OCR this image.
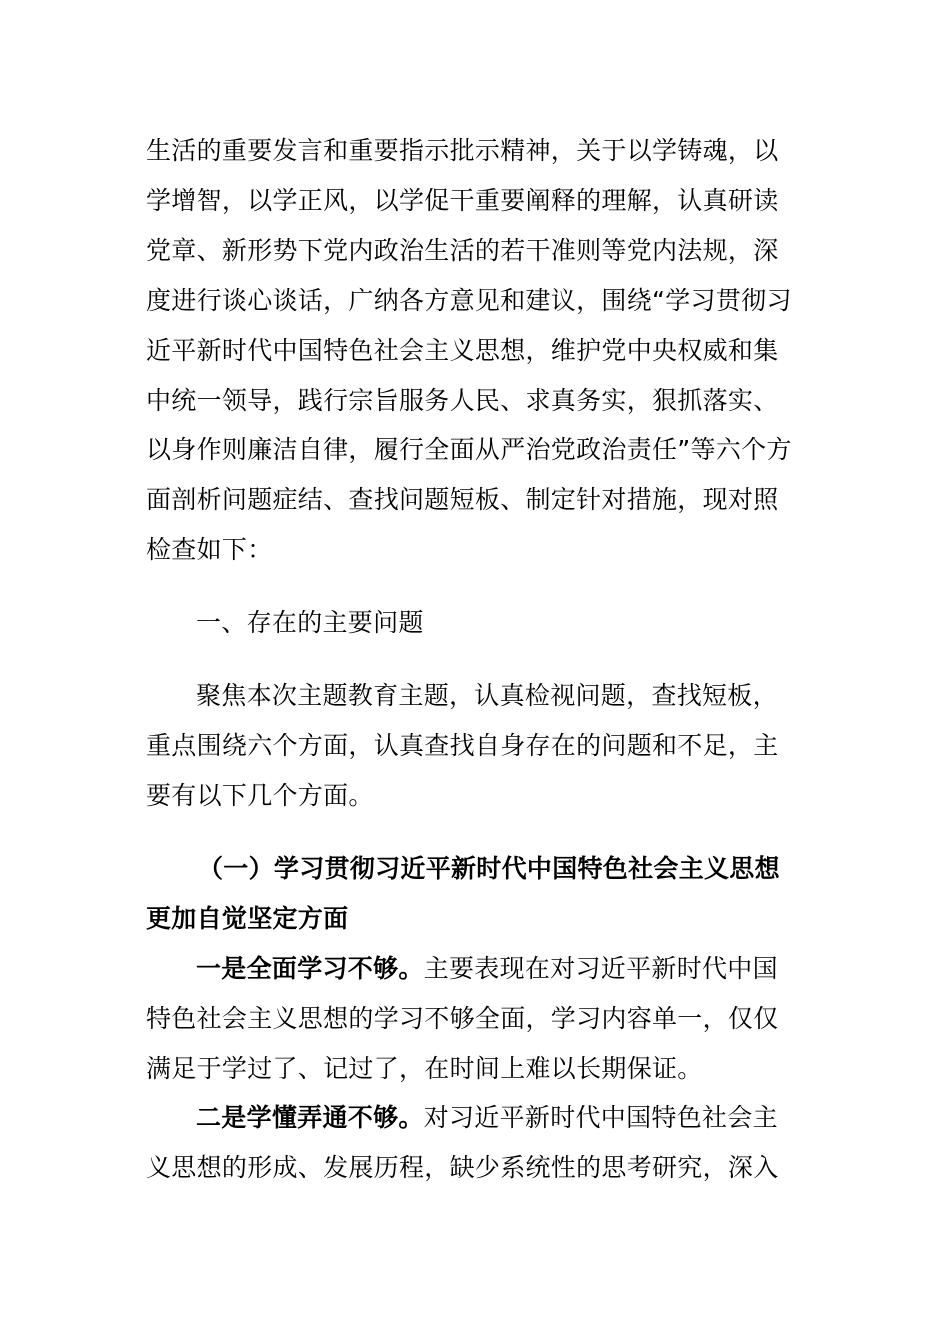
生活的重要发言和重要指示批示精神，关于以学铸魂，以
学增智，以学正风，以学促干重要阐释的理解，认真研读
党章、新形势下党内政治生活的若干准则等党内法规，深
度进行谈心谈话，广纳各方意见和建议，围绕“学习贯彻习
近平新时代中国特色社会主义思想，维护党中央权威和集
中统一领导，践行宗旨服务人民、求真务实，狠抓落实、
以身作则廉洁自律，履行全面从严治党政治责任”等六个方
面剖析问题症结、查找问题短板、制定针对措施，现对照
检查如下：
一、存在的主要问题
聚焦本次主题教育主题，认真检视问题，查找短板，
重点围绕六个方面，认真查找自身存在的问题和不足，主
要有以下几个方面。
（一）学习贯彻习近平新时代中国特色社会主义思想
更加自觉坚定方面
一是全面学习不够。主要表现在对习近平新时代中国
特色社会主义思想的学习不够全面，学习内容单一，仅仅
满足于学过了、记过了，在时间上难以长期保证。
二是学懂弄通不够。对习近平新时代中国特色社会主
义思想的形成、发展历程，缺少系统性的思考研究，深入
